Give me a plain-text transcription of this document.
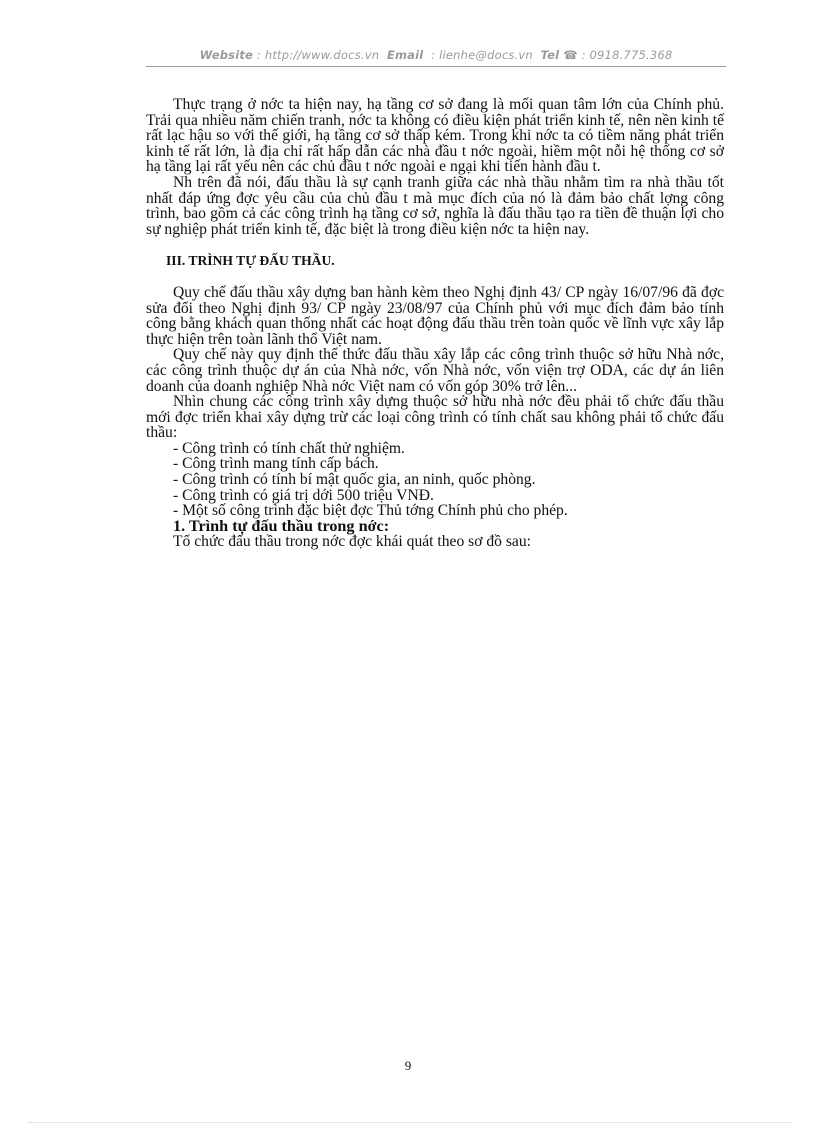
Website : http://www.docs.vn Email : lienhe@docs.vn Tel ☎ : 0918.775.368

Thực trạng ở nớc ta hiện nay, hạ tầng cơ sở đang là mối quan tâm lớn của Chính phủ. Trải qua nhiều năm chiến tranh, nớc ta không có điều kiện phát triển kinh tế, nên nền kinh tế rất lạc hậu so với thế giới, hạ tầng cơ sở thấp kém. Trong khi nớc ta có tiềm năng phát triển kinh tế rất lớn, là địa chỉ rất hấp dẫn các nhà đầu t nớc ngoài, hiềm một nỗi hệ thống cơ sở hạ tầng lại rất yếu nên các chủ đầu t nớc ngoài e ngại khi tiến hành đầu t.

Nh trên đã nói, đấu thầu là sự cạnh tranh giữa các nhà thầu nhằm tìm ra nhà thầu tốt nhất đáp ứng đợc yêu cầu của chủ đầu t mà mục đích của nó là đảm bảo chất lợng công trình, bao gồm cả các công trình hạ tầng cơ sở, nghĩa là đấu thầu tạo ra tiền đề thuận lợi cho sự nghiệp phát triển kinh tế, đặc biệt là trong điều kiện nớc ta hiện nay.

III. TRÌNH TỰ ĐẤU THẦU.

Quy chế đấu thầu xây dựng ban hành kèm theo Nghị định 43/ CP ngày 16/07/96 đã đợc sửa đổi theo Nghị định 93/ CP ngày 23/08/97 của Chính phủ với mục đích đảm bảo tính công bằng khách quan thống nhất các hoạt động đấu thầu trên toàn quốc về lĩnh vực xây lắp thực hiện trên toàn lãnh thổ Việt nam.

Quy chế này quy định thể thức đấu thầu xây lắp các công trình thuộc sở hữu Nhà nớc, các công trình thuộc dự án của Nhà nớc, vốn Nhà nớc, vốn viện trợ ODA, các dự án liên doanh của doanh nghiệp Nhà nớc Việt nam có vốn góp 30% trở lên...

Nhìn chung các công trình xây dựng thuộc sở hữu nhà nớc đều phải tổ chức đấu thầu mới đợc triển khai xây dựng trừ các loại công trình có tính chất sau không phải tổ chức đấu thầu:

- Công trình có tính chất thử nghiệm.

- Công trình mang tính cấp bách.

- Công trình có tính bí mật quốc gia, an ninh, quốc phòng.

- Công trình có giá trị dới 500 triệu VNĐ.

- Một số công trình đặc biệt đợc Thủ tớng Chính phủ cho phép.

1. Trình tự đấu thầu trong nớc:

Tổ chức đấu thầu trong nớc đợc khái quát theo sơ đồ sau:

9
